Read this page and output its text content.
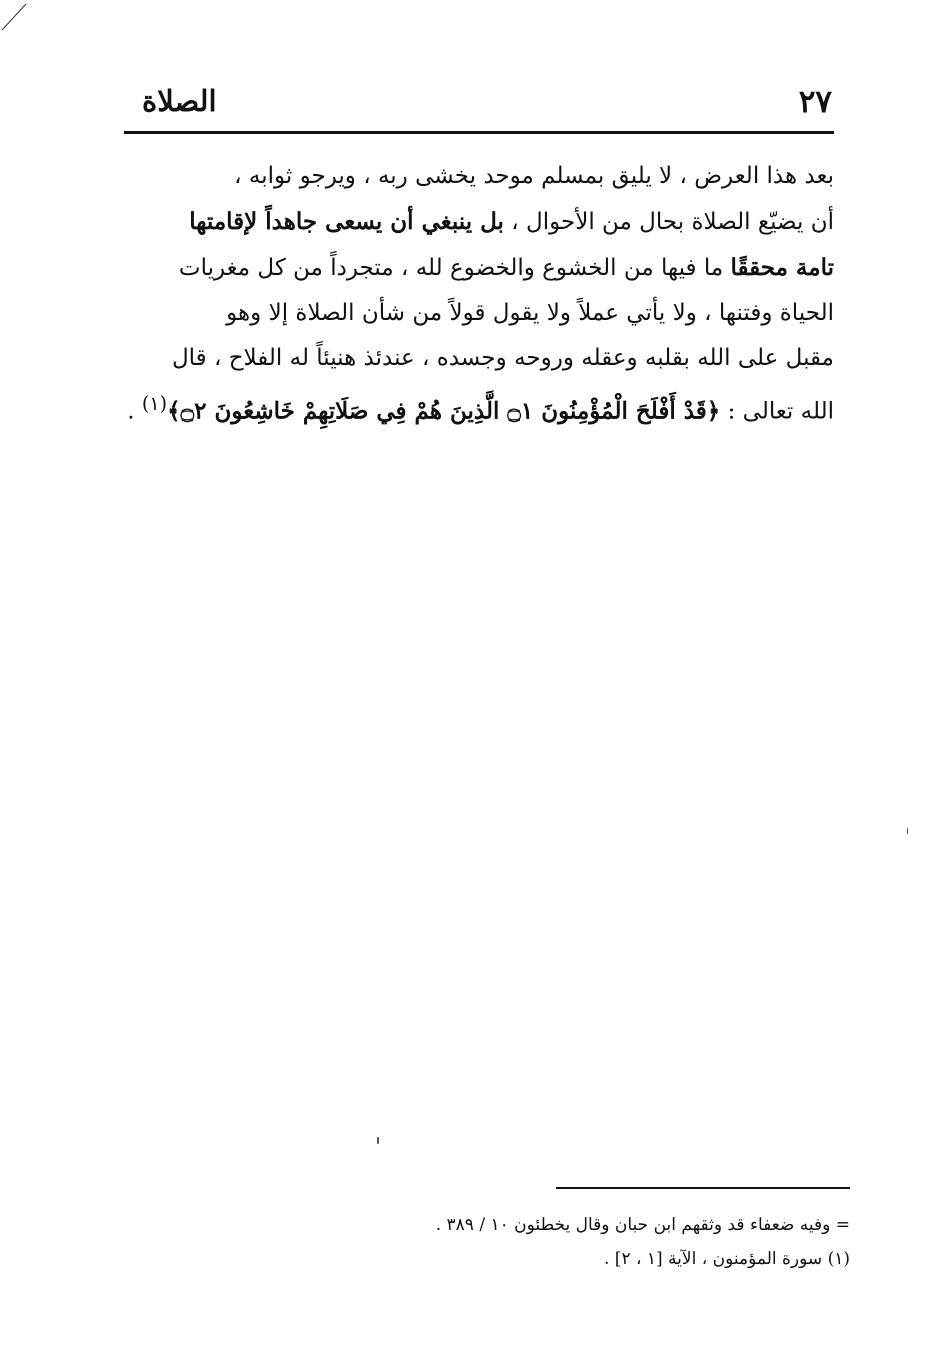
٢٧
الصلاة

بعد هذا العرض ، لا يليق بمسلم موحد يخشى ربه ، ويرجو ثوابه ،

أن يضيّع الصلاة بحال من الأحوال ، بل ينبغي أن يسعى جاهداً لإقامتها

تامة محققًا ما فيها من الخشوع والخضوع لله ، متجرداً من كل مغريات

الحياة وفتنها ، ولا يأتي عملاً ولا يقول قولاً من شأن الصلاة إلا وهو

مقبل على الله بقلبه وعقله وروحه وجسده ، عندئذ هنيئاً له الفلاح ، قال

الله تعالى : ﴿قَدْ أَفْلَحَ الْمُؤْمِنُونَ ۝١ الَّذِينَ هُمْ فِي صَلَاتِهِمْ خَاشِعُونَ ۝٢﴾$^{(١)}$ .

= وفيه ضعفاء قد وثقهم ابن حبان وقال يخطئون ١٠ / ٣٨٩ .

(١) سورة المؤمنون ، الآية [١ ، ٢] .
